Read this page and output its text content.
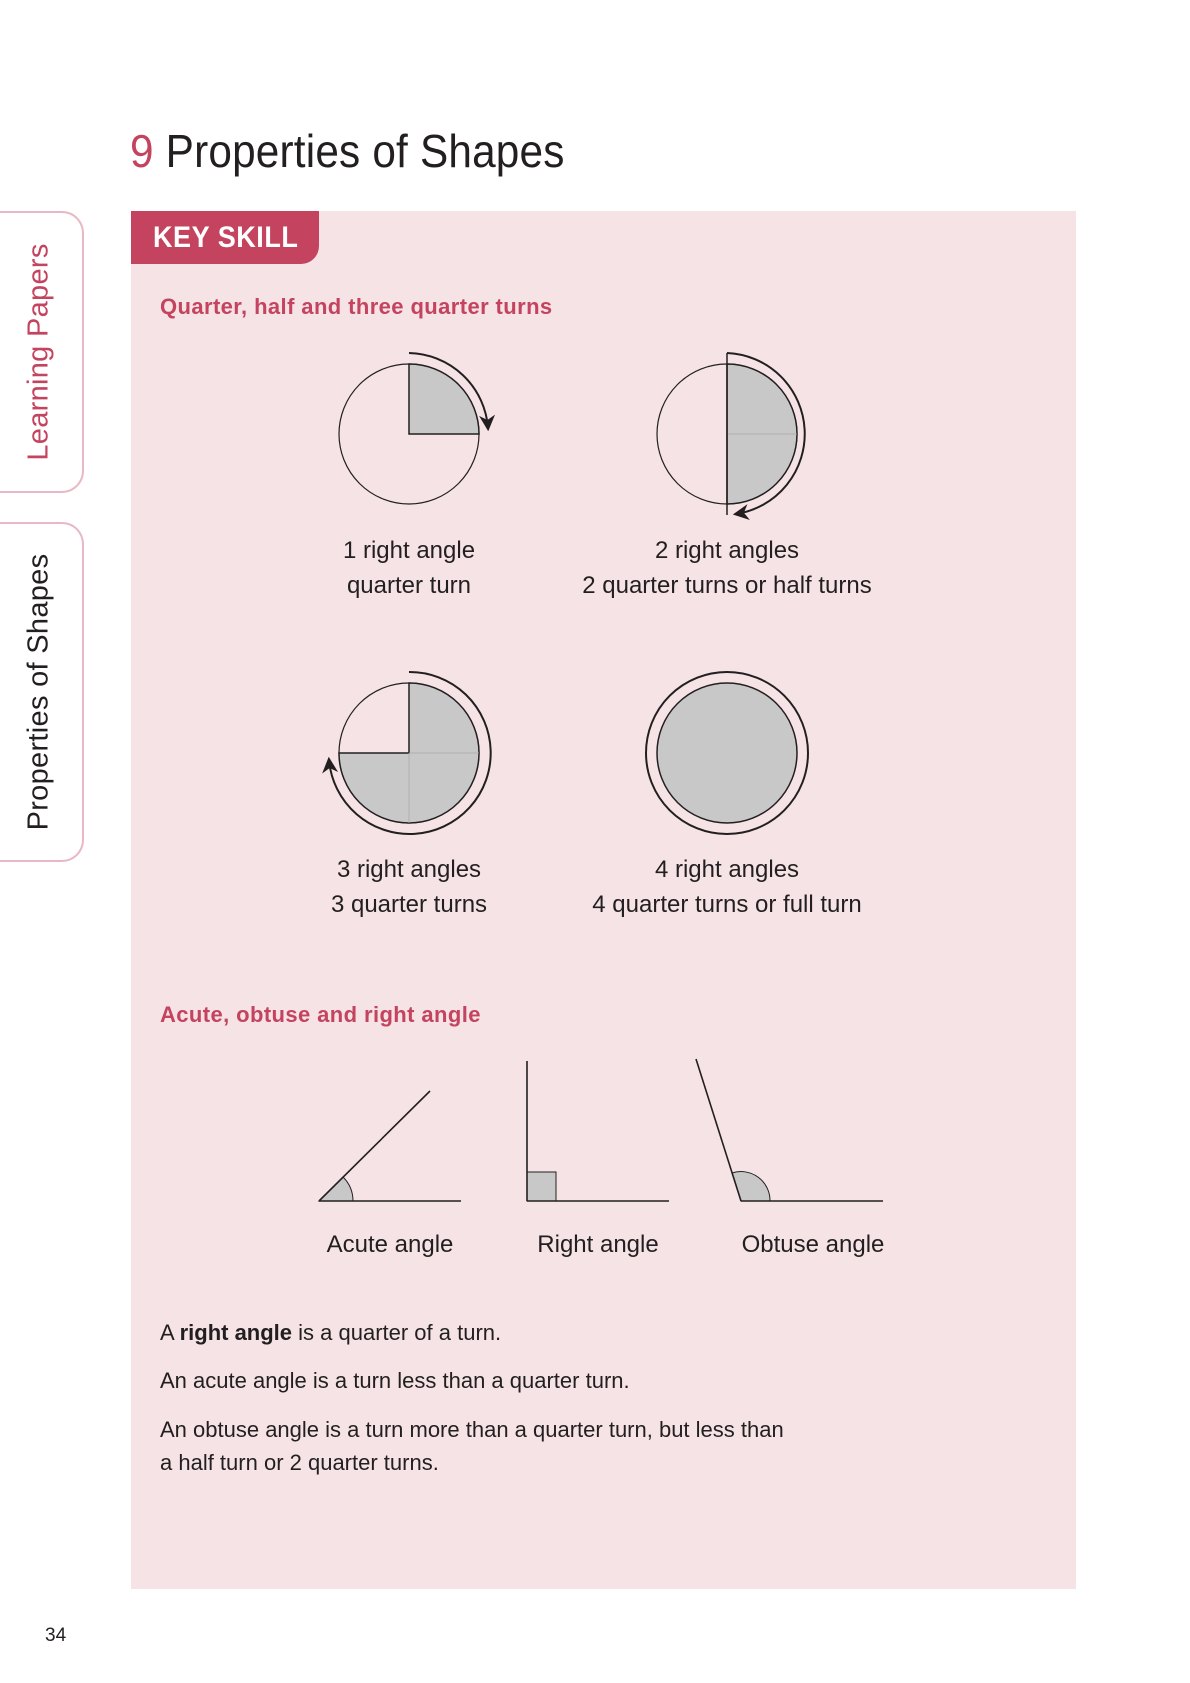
9 Properties of Shapes
Learning Papers
Properties of Shapes
KEY SKILL
Quarter, half and three quarter turns
1 right angle
quarter turn
2 right angles
2 quarter turns or half turns
3 right angles
3 quarter turns
4 right angles
4 quarter turns or full turn
Acute, obtuse and right angle
Acute angle	Right angle	Obtuse angle

A right angle is a quarter of a turn.

An acute angle is a turn less than a quarter turn.

An obtuse angle is a turn more than a quarter turn, but less than
a half turn or 2 quarter turns.

34
